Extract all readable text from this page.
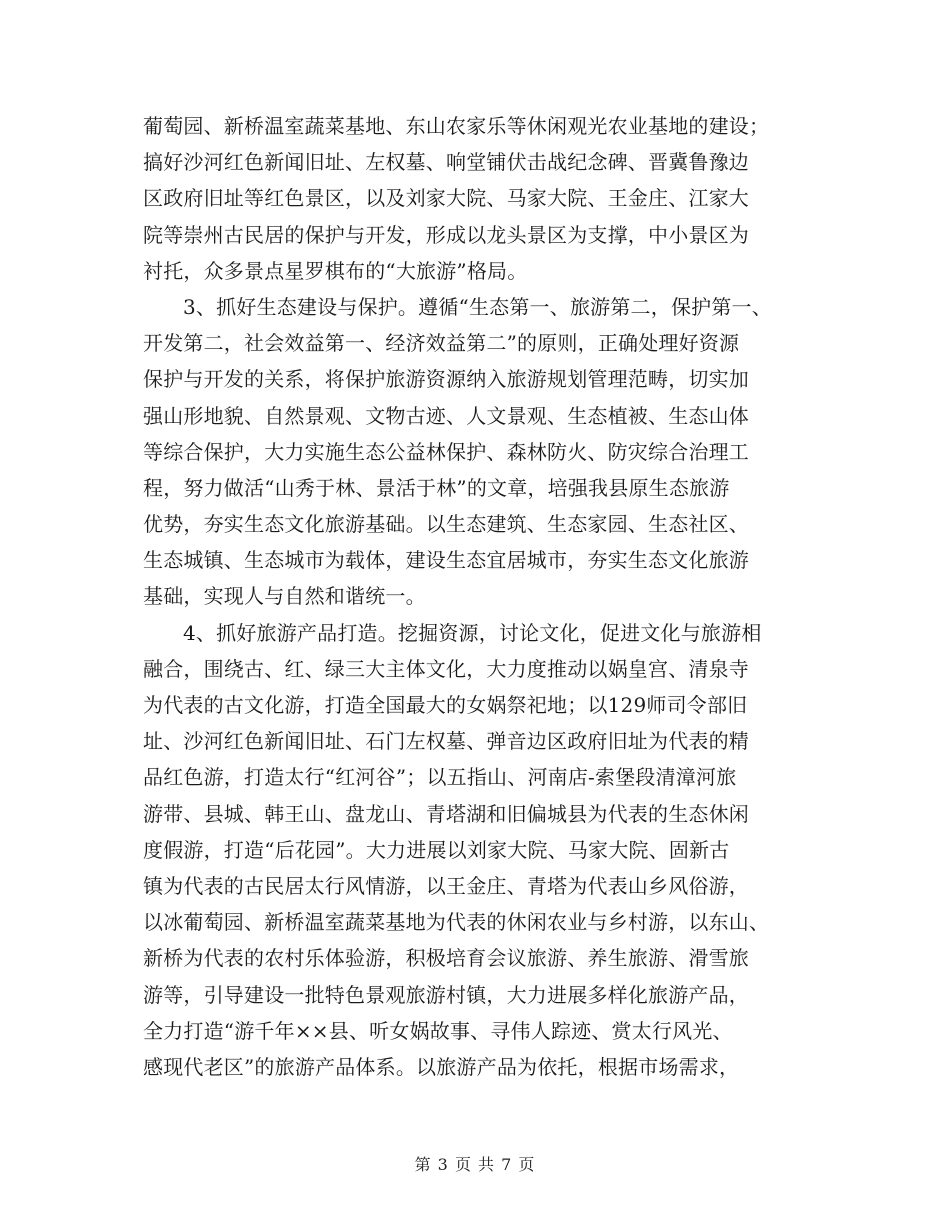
葡萄园、新桥温室蔬菜基地、东山农家乐等休闲观光农业基地的建设；
搞好沙河红色新闻旧址、左权墓、响堂铺伏击战纪念碑、晋冀鲁豫边
区政府旧址等红色景区，以及刘家大院、马家大院、王金庄、江家大
院等崇州古民居的保护与开发，形成以龙头景区为支撑，中小景区为
衬托，众多景点星罗棋布的“大旅游”格局。
3、抓好生态建设与保护。遵循“生态第一、旅游第二，保护第一、
开发第二，社会效益第一、经济效益第二”的原则，正确处理好资源
保护与开发的关系，将保护旅游资源纳入旅游规划管理范畴，切实加
强山形地貌、自然景观、文物古迹、人文景观、生态植被、生态山体
等综合保护，大力实施生态公益林保护、森林防火、防灾综合治理工
程，努力做活“山秀于林、景活于林”的文章，培强我县原生态旅游
优势，夯实生态文化旅游基础。以生态建筑、生态家园、生态社区、
生态城镇、生态城市为载体，建设生态宜居城市，夯实生态文化旅游
基础，实现人与自然和谐统一。
4、抓好旅游产品打造。挖掘资源，讨论文化，促进文化与旅游相
融合，围绕古、红、绿三大主体文化，大力度推动以娲皇宫、清泉寺
为代表的古文化游，打造全国最大的女娲祭祀地；以129师司令部旧
址、沙河红色新闻旧址、石门左权墓、弹音边区政府旧址为代表的精
品红色游，打造太行“红河谷”；以五指山、河南店-索堡段清漳河旅
游带、县城、韩王山、盘龙山、青塔湖和旧偏城县为代表的生态休闲
度假游，打造“后花园”。大力进展以刘家大院、马家大院、固新古
镇为代表的古民居太行风情游，以王金庄、青塔为代表山乡风俗游，
以冰葡萄园、新桥温室蔬菜基地为代表的休闲农业与乡村游，以东山、
新桥为代表的农村乐体验游，积极培育会议旅游、养生旅游、滑雪旅
游等，引导建设一批特色景观旅游村镇，大力进展多样化旅游产品，
全力打造“游千年××县、听女娲故事、寻伟人踪迹、赏太行风光、
感现代老区”的旅游产品体系。以旅游产品为依托，根据市场需求，
第 3 页 共 7 页
